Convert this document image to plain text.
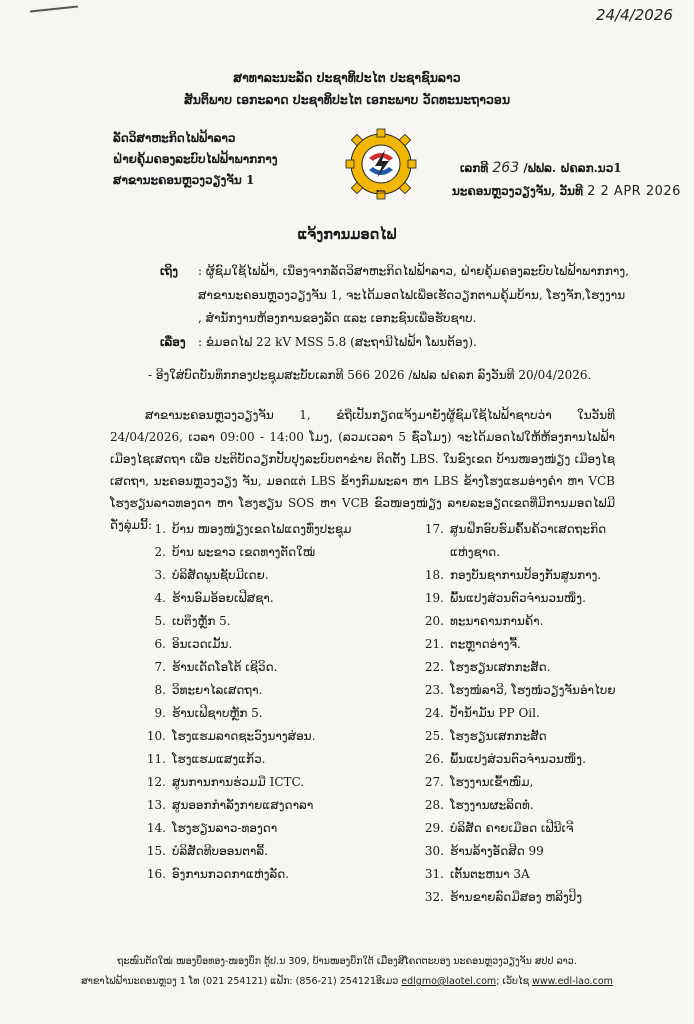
24/4/2026
ສາທາລະນະລັດ ປະຊາທິປະໄຕ ປະຊາຊົນລາວ
ສັນຕິພາບ ເອກະລາດ ປະຊາທິປະໄຕ ເອກະພາບ ວັດທະນະຖາວອນ
ລັດວິສາຫະກິດໄຟຟ້າລາວ
ຝ່າຍຄຸ້ມຄອງລະບົບໄຟຟ້າພາກກາງ
ສາຂານະຄອນຫຼວງວຽງຈັນ 1
EDL
ເລກທີ 263 /ຟຟລ. ຝຄລກ.ນວ1
ນະຄອນຫຼວງວຽງຈັນ, ວັນທີ 2 2 APR 2026
ແຈ້ງການມອດໄຟ
ເຖິງ : ຜູ້ຊົມໃຊ້ໄຟຟ້າ, ເນື່ອງຈາກລັດວິສາຫະກິດໄຟຟ້າລາວ, ຝ່າຍຄຸ້ມຄອງລະບົບໄຟຟ້າພາກກາງ,
ສາຂານະຄອນຫຼວງວຽງຈັນ 1, ຈະໄດ້ມອດໄຟເພື່ອເຮັດວຽກຕາມຄຸ້ມບ້ານ, ໂຮງຈັກ,ໂຮງງານ
, ສຳນັກງານຫ້ອງການຂອງລັດ ແລະ ເອກະຊົນເພື່ອຮັບຊາບ.
ເລື່ອງ : ຂໍມອດໄຟ 22 kV MSS 5.8 (ສະຖານີໄຟຟ້າ ໂພນຕ້ອງ).
- ອີງໃສ່ບົດບັນທຶກກອງປະຊຸມສະບັບເລກທີ 566 2026 /ຟຟລ ຝຄລກ ລົງວັນທີ 20/04/2026.
ສາຂານະຄອນຫຼວງວຽງຈັນ 1, ຂໍຖືເປັນກຽດແຈ້ງມາຍັງຜູ້ຊົມໃຊ້ໄຟຟ້າຊາບວ່າ ໃນວັນທີ 24/04/2026, ເວລາ 09:00 - 14:00 ໂມງ, (ລວມເວລາ 5 ຊົ່ວໂມງ) ຈະໄດ້ມອດໄຟໃຫ້ຫ້ອງການໄຟຟ້າເມືອງໄຊເສດຖາ ເພື່ອ ປະຕິບັດວຽກປັບປຸງລະບົບຕາຂ່າຍ ຕິດຕັ້ງ LBS. ໃນຂົງເຂດ ບ້ານໜອງໜ່ຽງ ເມືອງໄຊເສດຖາ, ນະຄອນຫຼວງວຽງ ຈັນ, ມອດແຕ່ LBS ຂ້າງກົມພະລາ ຫາ LBS ຂ້າງໂຮງແຮມອ່າງຄຳ ຫາ VCB ໂຮງຮຽນລາວທອງດາ ຫາ ໂຮງຮຽນ SOS ຫາ VCB ຂົວໜອງໜ່ຽງ ລາຍລະອຽດເຂດທີ່ມີການມອດໄຟມີດັ່ງລຸ່ມນີ້: 1. ບ້ານ ໜອງໜ່ຽງເຂດໄຟແດງທົ່ງປະຊຸມ
2. ບ້ານ ພະຂາວ ເຂດທາງຕັດໃໝ່
3. ບໍລິສັດພູນຊັບມີເດຍ.
4. ຮ້ານອົມອ້ອຍເຟີສຊາ.
5. ເບຕຶງຫຼັກ 5.
6. ອິນເວດເມັ້ນ.
7. ຮ້ານເດັດໂອໂຕ້ ເຊີວິດ.
8. ວິທະຍາໄລເສດຖາ.
9. ຮ້ານເຟີຊາບຫຼັກ 5.
10. ໂຮງແຮມລາດຊະວົງນາງສ່ອນ.
11. ໂຮງແຮມແສງແກ້ວ.
12. ສູນການການຮ່ວມມື ICTC.
13. ສູນອອກກຳລັງກາຍແສງດາລາ
14. ໂຮງຮຽນລາວ-ທອງດາ
15. ບໍລິສັດທີບອອນຕາລີ້.
16. ອົງການກວດກາແຫ່ງລັດ.
17. ສູນຝຶກອົບຮົມຄົ້ນຄ້ວາເສດຖະກິດ
ແຫ່ງຊາດ.
18. ກອງບັນຊາການປ້ອງກັນສູນກາງ.
19. ພົ້ນແປງສ່ວນຕົວຈຳນວນໜຶ່ງ.
20. ທະນາຄານການຄ້າ.
21. ຕະຫຼາດອ່າງຈື້.
22. ໂຮງຮຽນເສກກະສັດ.
23. ໂຮງໜໍລາວີ, ໂຮງໜໍວຽງຈັນອຳໄບຍ
24. ປໍ້ານ້ຳມັນ PP Oil.
25. ໂຮງຮຽນເສກກະສັດ
26. ພົ້ນແປງສ່ວນຕົວຈຳນວນໜຶ່ງ.
27. ໂຮງງານເຂົ້າໜົມ,
28. ໂຮງງານຜະລິດທໍ່.
29. ບໍລິສັດ ຄາຍເມືອດ ເຟີນີເຈີ
30. ຮ້ານລ້າງອັດສີດ 99
31. ເຕັ້ນຕະຫນາ 3A
32. ຮ້ານຂາຍລົດມືສອງ ຫລີງປິງ
ຖະໜົນຕັດໃໝ່ ໜອງບຶອທອງ-ໜອງບຶກ ຕູ້ປ.ນ 309, ບ້ານໜອງບຶກໃຕ້ ເມືອງສີໂຄດຕະບອງ ນະຄອນຫຼວງວຽງຈັນ ສປປ ລາວ.
ສາຂາໄຟຟ້ານະຄອນຫຼວງ 1 ໂທ (021 254121) ແຟັກ: (856-21) 254121ອີເມວ edlgmo@laotel.com; ເວັບໄຊ www.edl-lao.com
